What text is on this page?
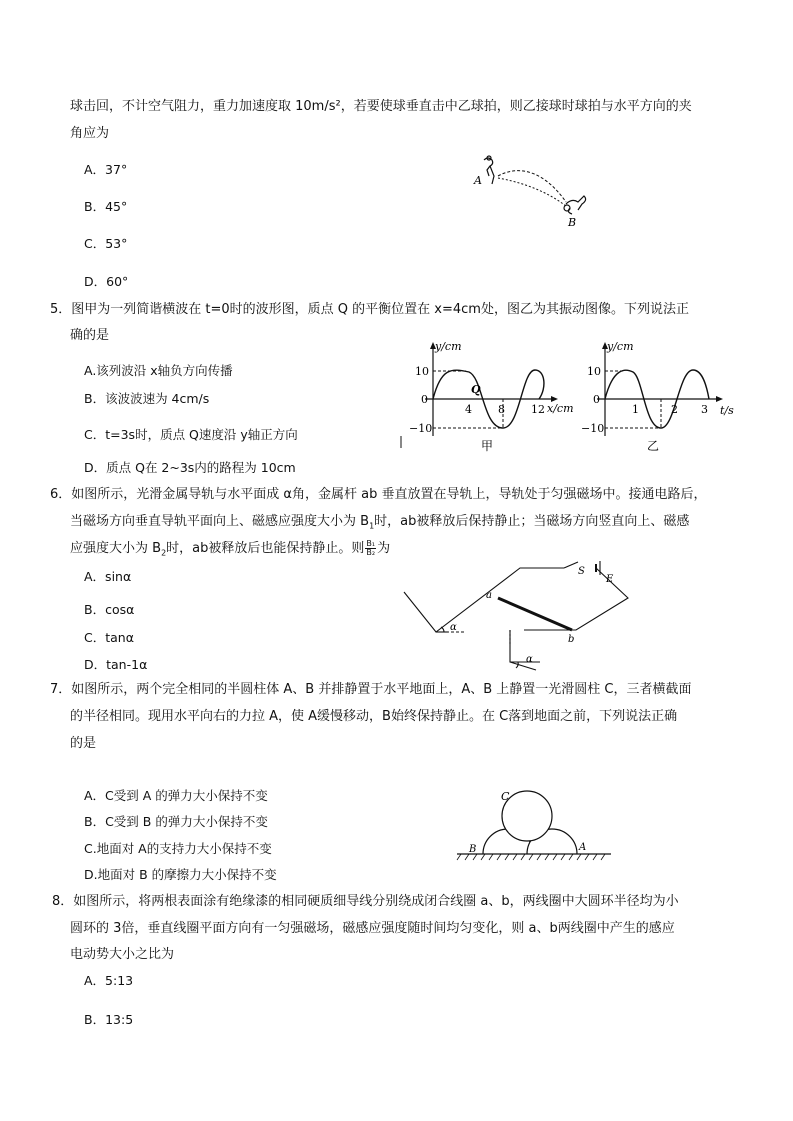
球击回，不计空气阻力，重力加速度取 10m/s²，若要使球垂直击中乙球拍，则乙接球时球拍与水平方向的夹
角应为
A．37°
B．45°
C．53°
D．60°
A
B
5．图甲为一列简谐横波在 t=0时的波形图，质点 Q 的平衡位置在 x=4cm处，图乙为其振动图像。下列说法正
确的是
A.该列波沿 x轴负方向传播
B．该波波速为 4cm/s
C．t=3s时，质点 Q速度沿 y轴正方向
D．质点 Q在 2~3s内的路程为 10cm
y/cm
10
0
−10
4 8 12 x/cm
Q
甲
y/cm
10
0
−10
1	2 3 t/s
乙
6．如图所示，光滑金属导轨与水平面成 α角，金属杆 ab 垂直放置在导轨上，导轨处于匀强磁场中。接通电路后，
当磁场方向垂直导轨平面向上、磁感应强度大小为 $B_1$时，ab被释放后保持静止；当磁场方向竖直向上、磁感
应强度大小为 $B_2$时，ab被释放后也能保持静止。则 $\frac{\text{B₁}}{\text{B₂}}$ 为
A．sinα
B．cosα
C．tanα
D．tan-1α
a
b
S
E
α
α
7．如图所示，两个完全相同的半圆柱体 A、B 并排静置于水平地面上，A、B 上静置一光滑圆柱 C，三者横截面
的半径相同。现用水平向右的力拉 A，使 A缓慢移动，B始终保持静止。在 C落到地面之前，下列说法正确
的是
A．C受到 A 的弹力大小保持不变
B．C受到 B 的弹力大小保持不变
C.地面对 A的支持力大小保持不变
D.地面对 B 的摩擦力大小保持不变
C
B	A
8．如图所示，将两根表面涂有绝缘漆的相同硬质细导线分别绕成闭合线圈 a、b，两线圈中大圆环半径均为小
圆环的 3倍，垂直线圈平面方向有一匀强磁场，磁感应强度随时间均匀变化，则 a、b两线圈中产生的感应
电动势大小之比为
A．5:13
B．13:5
